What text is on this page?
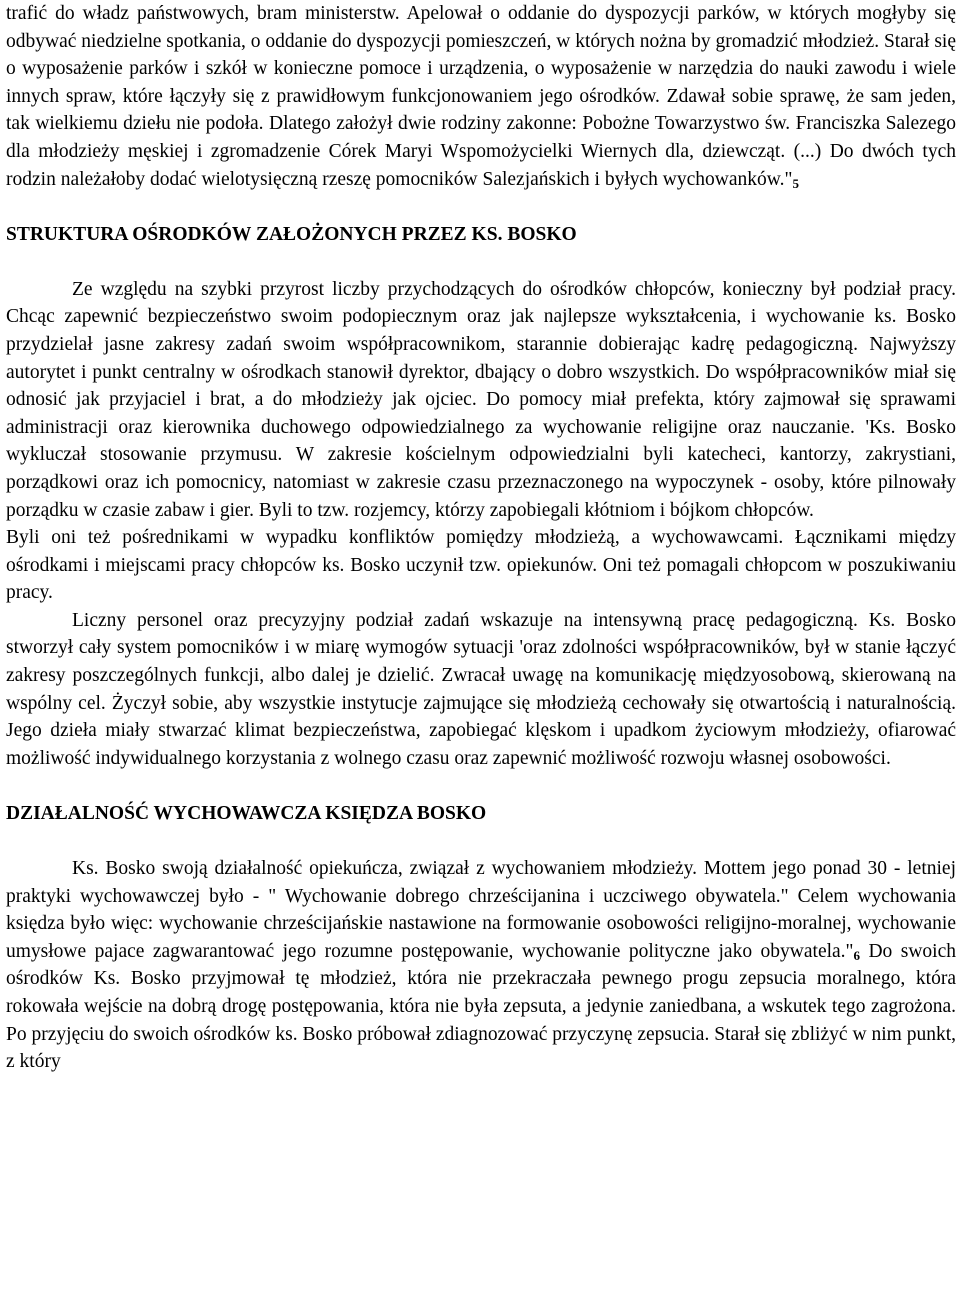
trafić do władz państwowych, bram ministerstw. Apelował o oddanie do dyspozycji parków, w których mogłyby się odbywać niedzielne spotkania, o oddanie do dyspozycji pomieszczeń, w których nożna by gromadzić młodzież. Starał się o wyposażenie parków i szkół w konieczne pomoce i urządzenia, o wyposażenie w narzędzia do nauki zawodu i wiele innych spraw, które łączyły się z prawidłowym funkcjonowaniem jego ośrodków. Zdawał sobie sprawę, że sam jeden, tak wielkiemu dziełu nie podoła. Dlatego założył dwie rodziny zakonne: Pobożne Towarzystwo św. Franciszka Salezego dla młodzieży męskiej i zgromadzenie Córek Maryi Wspomożycielki Wiernych dla, dziewcząt. (...) Do dwóch tych rodzin należałoby dodać wielotysięczną rzeszę pomocników Salezjańskich i byłych $wychowanków."_5$

STRUKTURA OŚRODKÓW ZAŁOŻONYCH PRZEZ KS. BOSKO

Ze względu na szybki przyrost liczby przychodzących do ośrodków chłopców, konieczny był podział pracy. Chcąc zapewnić bezpieczeństwo swoim podopiecznym oraz jak najlepsze wykształcenia, i wychowanie ks. Bosko przydzielał jasne zakresy zadań swoim współpracownikom, starannie dobierając kadrę pedagogiczną. Najwyższy autorytet i punkt centralny w ośrodkach stanowił dyrektor, dbający o dobro wszystkich. Do współpracowników miał się odnosić jak przyjaciel i brat, a do młodzieży jak ojciec. Do pomocy miał prefekta, który zajmował się sprawami administracji oraz kierownika duchowego odpowiedzialnego za wychowanie religijne oraz nauczanie. 'Ks. Bosko wykluczał stosowanie przymusu. W zakresie kościelnym odpowiedzialni byli katecheci, kantorzy, zakrystiani, porządkowi oraz ich pomocnicy, natomiast w zakresie czasu przeznaczonego na wypoczynek - osoby, które pilnowały porządku w czasie zabaw i gier. Byli to tzw. rozjemcy, którzy zapobiegali kłótniom i bójkom chłopców.

Byli oni też pośrednikami w wypadku konfliktów pomiędzy młodzieżą, a wychowawcami. Łącznikami między ośrodkami i miejscami pracy chłopców ks. Bosko uczynił tzw. opiekunów. Oni też pomagali chłopcom w poszukiwaniu pracy.

Liczny personel oraz precyzyjny podział zadań wskazuje na intensywną pracę pedagogiczną. Ks. Bosko stworzył cały system pomocników i w miarę wymogów sytuacji 'oraz zdolności współpracowników, był w stanie łączyć zakresy poszczególnych funkcji, albo dalej je dzielić. Zwracał uwagę na komunikację międzyosobową, skierowaną na wspólny cel. Życzył sobie, aby wszystkie instytucje zajmujące się młodzieżą cechowały się otwartością i naturalnością. Jego dzieła miały stwarzać klimat bezpieczeństwa, zapobiegać klęskom i upadkom życiowym młodzieży, ofiarować możliwość indywidualnego korzystania z wolnego czasu oraz zapewnić możliwość rozwoju własnej osobowości.

DZIAŁALNOŚĆ WYCHOWAWCZA KSIĘDZA BOSKO

Ks. Bosko swoją działalność opiekuńcza, związał z wychowaniem młodzieży. Mottem jego ponad 30 - letniej praktyki wychowawczej było - " Wychowanie dobrego chrześcijanina i uczciwego obywatela." Celem wychowania księdza było więc: wychowanie chrześcijańskie nastawione na formowanie osobowości religijno-moralnej, wychowanie umysłowe pajace zagwarantować jego rozumne postępowanie, wychowanie polityczne jako $obywatela."_6$ Do swoich ośrodków Ks. Bosko przyjmował tę młodzież, która nie przekraczała pewnego progu zepsucia moralnego, która rokowała wejście na dobrą drogę postępowania, która nie była zepsuta, a jedynie zaniedbana, a wskutek tego zagrożona. Po przyjęciu do swoich ośrodków ks. Bosko próbował zdiagnozować przyczynę zepsucia. Starał się zbliżyć w nim punkt, z który
